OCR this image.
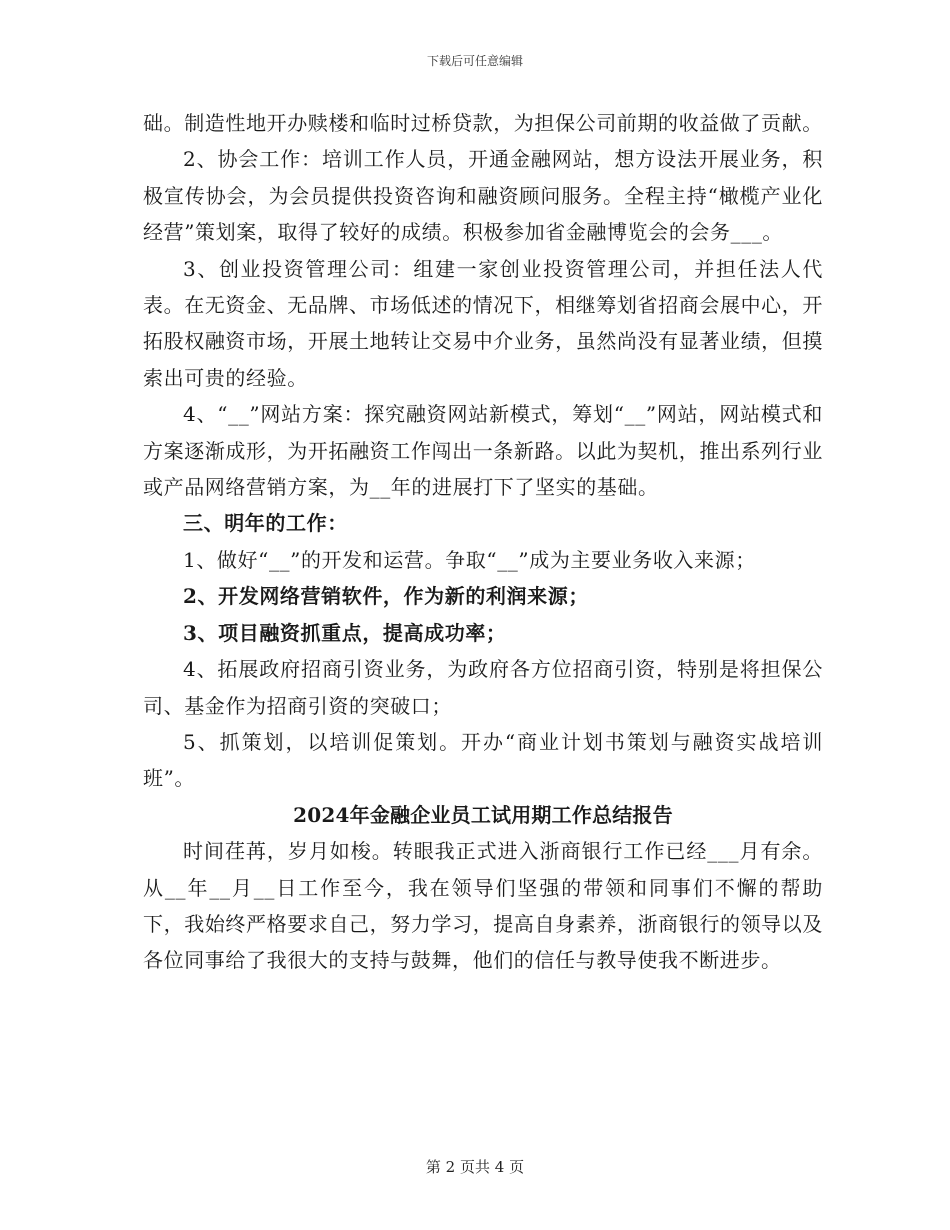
下载后可任意编辑

础。制造性地开办赎楼和临时过桥贷款，为担保公司前期的收益做了贡献。

2、协会工作：培训工作人员，开通金融网站，想方设法开展业务，积极宣传协会，为会员提供投资咨询和融资顾问服务。全程主持“橄榄产业化经营”策划案，取得了较好的成绩。积极参加省金融博览会的会务___。

3、创业投资管理公司：组建一家创业投资管理公司，并担任法人代表。在无资金、无品牌、市场低述的情况下，相继筹划省招商会展中心，开拓股权融资市场，开展土地转让交易中介业务，虽然尚没有显著业绩，但摸索出可贵的经验。

4、“__”网站方案：探究融资网站新模式，筹划“__”网站，网站模式和方案逐渐成形，为开拓融资工作闯出一条新路。以此为契机，推出系列行业或产品网络营销方案，为__年的进展打下了坚实的基础。

三、明年的工作：

1、做好“__”的开发和运营。争取“__”成为主要业务收入来源；

2、开发网络营销软件，作为新的利润来源；

3、项目融资抓重点，提高成功率；

4、拓展政府招商引资业务，为政府各方位招商引资，特别是将担保公司、基金作为招商引资的突破口；

5、抓策划，以培训促策划。开办“商业计划书策划与融资实战培训班”。

2024年金融企业员工试用期工作总结报告

时间荏苒，岁月如梭。转眼我正式进入浙商银行工作已经___月有余。从__年__月__日工作至今，我在领导们坚强的带领和同事们不懈的帮助下，我始终严格要求自己，努力学习，提高自身素养，浙商银行的领导以及各位同事给了我很大的支持与鼓舞，他们的信任与教导使我不断进步。

第 2 页共 4 页
